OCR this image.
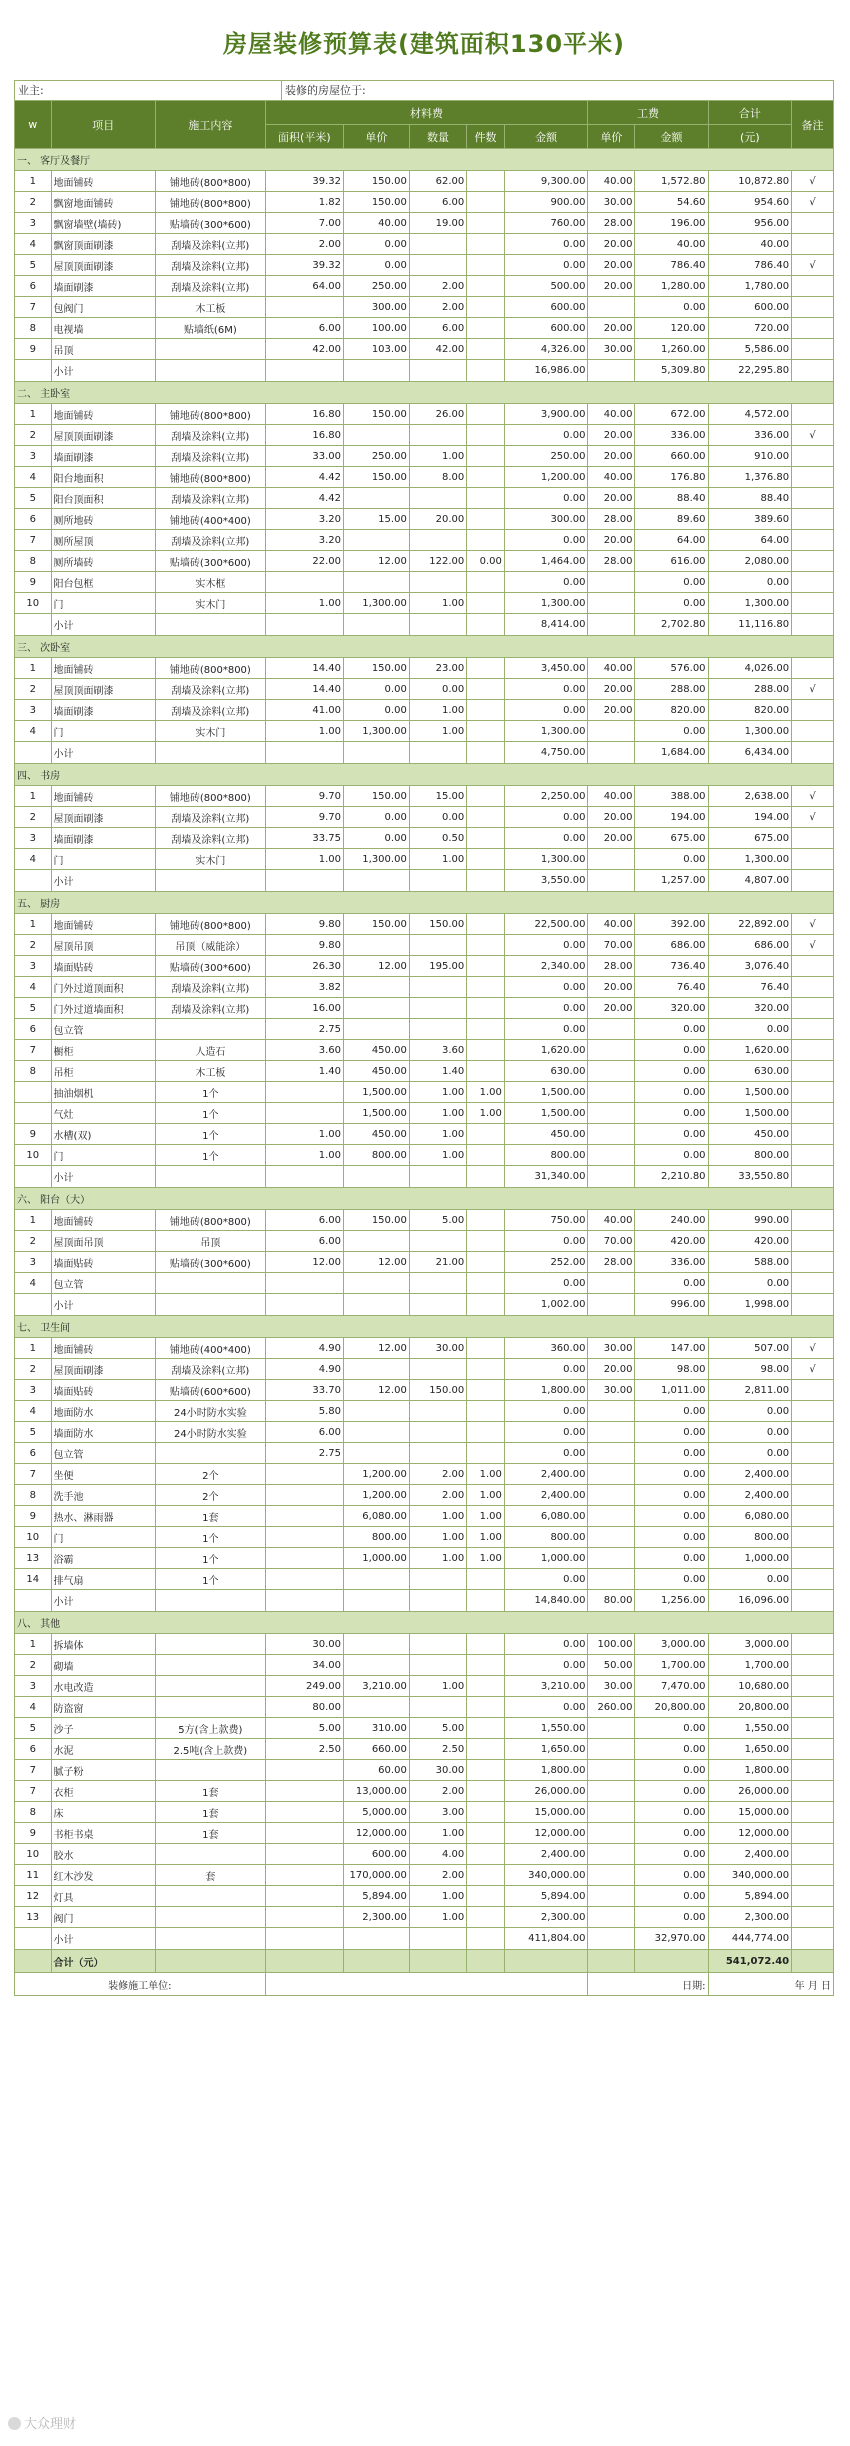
房屋装修预算表(建筑面积130平米)
业主:	装修的房屋位于:
w	项目	施工内容	材料费					工费		合计	备注
			面积(平米)	单价	数量	件数	金额	单价	金额	(元)	
一、 客厅及餐厅											
1	地面铺砖	铺地砖(800*800)	39.32	150.00	62.00		9,300.00	40.00	1,572.80	10,872.80	√
2	飘窗地面铺砖	铺地砖(800*800)	1.82	150.00	6.00		900.00	30.00	54.60	954.60	√
3	飘窗墙壁(墙砖)	贴墙砖(300*600)	7.00	40.00	19.00		760.00	28.00	196.00	956.00	
4	飘窗顶面刷漆	刮墙及涂料(立邦)	2.00	0.00			0.00	20.00	40.00	40.00	
5	屋顶顶面刷漆	刮墙及涂料(立邦)	39.32	0.00			0.00	20.00	786.40	786.40	√
6	墙面刷漆	刮墙及涂料(立邦)	64.00	250.00	2.00		500.00	20.00	1,280.00	1,780.00	
7	包阀门	木工板		300.00	2.00		600.00		0.00	600.00	
8	电视墙	贴墙纸(6M)	6.00	100.00	6.00		600.00	20.00	120.00	720.00	
9	吊顶		42.00	103.00	42.00		4,326.00	30.00	1,260.00	5,586.00	
	小计						16,986.00		5,309.80	22,295.80	
二、 主卧室											
1	地面铺砖	铺地砖(800*800)	16.80	150.00	26.00		3,900.00	40.00	672.00	4,572.00	
2	屋顶顶面刷漆	刮墙及涂料(立邦)	16.80				0.00	20.00	336.00	336.00	√
3	墙面刷漆	刮墙及涂料(立邦)	33.00	250.00	1.00		250.00	20.00	660.00	910.00	
4	阳台地面积	铺地砖(800*800)	4.42	150.00	8.00		1,200.00	40.00	176.80	1,376.80	
5	阳台顶面积	刮墙及涂料(立邦)	4.42				0.00	20.00	88.40	88.40	
6	厕所地砖	铺地砖(400*400)	3.20	15.00	20.00		300.00	28.00	89.60	389.60	
7	厕所屋顶	刮墙及涂料(立邦)	3.20				0.00	20.00	64.00	64.00	
8	厕所墙砖	贴墙砖(300*600)	22.00	12.00	122.00	0.00	1,464.00	28.00	616.00	2,080.00	
9	阳台包框	实木框					0.00		0.00	0.00	
10	门	实木门	1.00	1,300.00	1.00		1,300.00		0.00	1,300.00	
	小计						8,414.00		2,702.80	11,116.80	
三、 次卧室											
1	地面铺砖	铺地砖(800*800)	14.40	150.00	23.00		3,450.00	40.00	576.00	4,026.00	
2	屋顶顶面刷漆	刮墙及涂料(立邦)	14.40	0.00	0.00		0.00	20.00	288.00	288.00	√
3	墙面刷漆	刮墙及涂料(立邦)	41.00	0.00	1.00		0.00	20.00	820.00	820.00	
4	门	实木门	1.00	1,300.00	1.00		1,300.00		0.00	1,300.00	
	小计						4,750.00		1,684.00	6,434.00	
四、 书房											
1	地面铺砖	铺地砖(800*800)	9.70	150.00	15.00		2,250.00	40.00	388.00	2,638.00	√
2	屋顶面刷漆	刮墙及涂料(立邦)	9.70	0.00	0.00		0.00	20.00	194.00	194.00	√
3	墙面刷漆	刮墙及涂料(立邦)	33.75	0.00	0.50		0.00	20.00	675.00	675.00	
4	门	实木门	1.00	1,300.00	1.00		1,300.00		0.00	1,300.00	
	小计						3,550.00		1,257.00	4,807.00	
五、 厨房											
1	地面铺砖	铺地砖(800*800)	9.80	150.00	150.00		22,500.00	40.00	392.00	22,892.00	√
2	屋顶吊顶	吊顶（威能涂）	9.80				0.00	70.00	686.00	686.00	√
3	墙面贴砖	贴墙砖(300*600)	26.30	12.00	195.00		2,340.00	28.00	736.40	3,076.40	
4	门外过道顶面积	刮墙及涂料(立邦)	3.82				0.00	20.00	76.40	76.40	
5	门外过道墙面积	刮墙及涂料(立邦)	16.00				0.00	20.00	320.00	320.00	
6	包立管		2.75				0.00		0.00	0.00	
7	橱柜	人造石	3.60	450.00	3.60		1,620.00		0.00	1,620.00	
8	吊柜	木工板	1.40	450.00	1.40		630.00		0.00	630.00	
	抽油烟机	1个		1,500.00	1.00	1.00	1,500.00		0.00	1,500.00	
	气灶	1个		1,500.00	1.00	1.00	1,500.00		0.00	1,500.00	
9	水槽(双)	1个	1.00	450.00	1.00		450.00		0.00	450.00	
10	门	1个	1.00	800.00	1.00		800.00		0.00	800.00	
	小计						31,340.00		2,210.80	33,550.80	
六、 阳台（大）											
1	地面铺砖	铺地砖(800*800)	6.00	150.00	5.00		750.00	40.00	240.00	990.00	
2	屋顶面吊顶	吊顶	6.00				0.00	70.00	420.00	420.00	
3	墙面贴砖	贴墙砖(300*600)	12.00	12.00	21.00		252.00	28.00	336.00	588.00	
4	包立管						0.00		0.00	0.00	
	小计						1,002.00		996.00	1,998.00	
七、 卫生间											
1	地面铺砖	铺地砖(400*400)	4.90	12.00	30.00		360.00	30.00	147.00	507.00	√
2	屋顶面刷漆	刮墙及涂料(立邦)	4.90				0.00	20.00	98.00	98.00	√
3	墙面贴砖	贴墙砖(600*600)	33.70	12.00	150.00		1,800.00	30.00	1,011.00	2,811.00	
4	地面防水	24小时防水实验	5.80				0.00		0.00	0.00	
5	墙面防水	24小时防水实验	6.00				0.00		0.00	0.00	
6	包立管		2.75				0.00		0.00	0.00	
7	坐便	2个		1,200.00	2.00	1.00	2,400.00		0.00	2,400.00	
8	洗手池	2个		1,200.00	2.00	1.00	2,400.00		0.00	2,400.00	
9	热水、淋雨器	1套		6,080.00	1.00	1.00	6,080.00		0.00	6,080.00	
10	门	1个		800.00	1.00	1.00	800.00		0.00	800.00	
13	浴霸	1个		1,000.00	1.00	1.00	1,000.00		0.00	1,000.00	
14	排气扇	1个					0.00		0.00	0.00	
	小计						14,840.00	80.00	1,256.00	16,096.00	
八、 其他											
1	拆墙体		30.00				0.00	100.00	3,000.00	3,000.00	
2	砌墙		34.00				0.00	50.00	1,700.00	1,700.00	
3	水电改造		249.00	3,210.00	1.00		3,210.00	30.00	7,470.00	10,680.00	
4	防盗窗		80.00				0.00	260.00	20,800.00	20,800.00	
5	沙子	5方(含上款费)	5.00	310.00	5.00		1,550.00		0.00	1,550.00	
6	水泥	2.5吨(含上款费)	2.50	660.00	2.50		1,650.00		0.00	1,650.00	
7	腻子粉			60.00	30.00		1,800.00		0.00	1,800.00	
7	衣柜	1套		13,000.00	2.00		26,000.00		0.00	26,000.00	
8	床	1套		5,000.00	3.00		15,000.00		0.00	15,000.00	
9	书柜书桌	1套		12,000.00	1.00		12,000.00		0.00	12,000.00	
10	胶水			600.00	4.00		2,400.00		0.00	2,400.00	
11	红木沙发	套		170,000.00	2.00		340,000.00		0.00	340,000.00	
12	灯具			5,894.00	1.00		5,894.00		0.00	5,894.00	
13	阀门			2,300.00	1.00		2,300.00		0.00	2,300.00	
	小计						411,804.00		32,970.00	444,774.00	
	合计（元）									541,072.40	
装修施工单位:								日期:		年 月 日	
大众理财
